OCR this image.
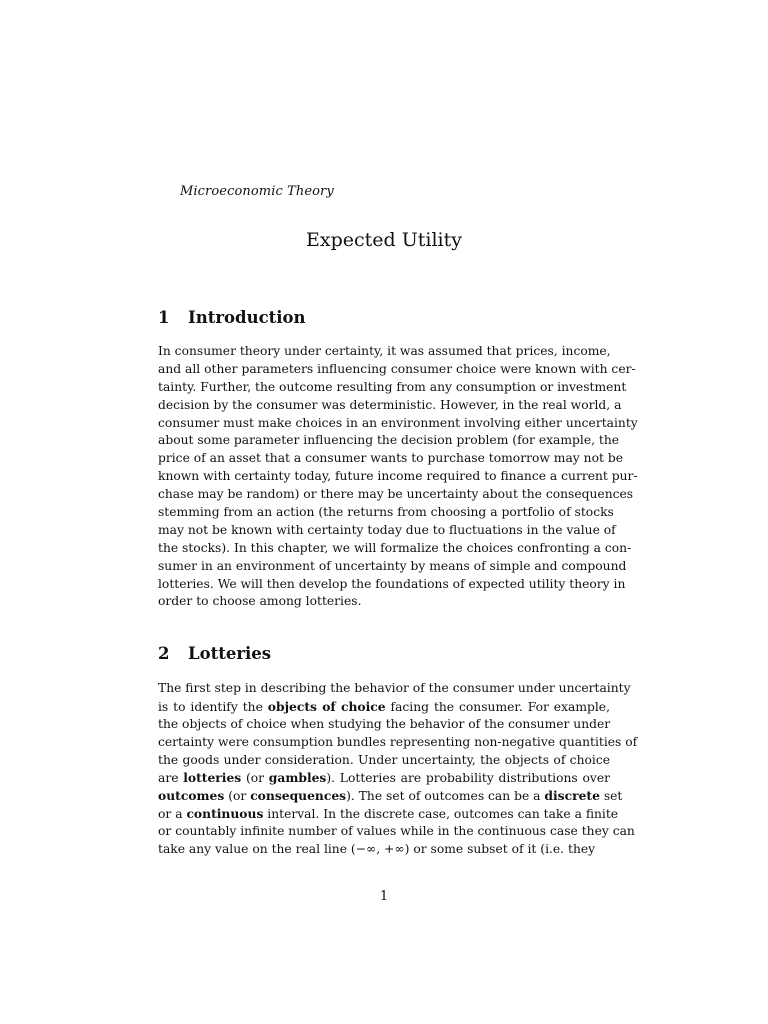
Microeconomic Theory
Expected Utility
1 Introduction
In consumer theory under certainty, it was assumed that prices, income,
and all other parameters influencing consumer choice were known with cer-
tainty. Further, the outcome resulting from any consumption or investment
decision by the consumer was deterministic. However, in the real world, a
consumer must make choices in an environment involving either uncertainty
about some parameter influencing the decision problem (for example, the
price of an asset that a consumer wants to purchase tomorrow may not be
known with certainty today, future income required to finance a current pur-
chase may be random) or there may be uncertainty about the consequences
stemming from an action (the returns from choosing a portfolio of stocks
may not be known with certainty today due to fluctuations in the value of
the stocks). In this chapter, we will formalize the choices confronting a con-
sumer in an environment of uncertainty by means of simple and compound
lotteries. We will then develop the foundations of expected utility theory in
order to choose among lotteries.
2 Lotteries
The first step in describing the behavior of the consumer under uncertainty
is to identify the objects of choice facing the consumer. For example,
the objects of choice when studying the behavior of the consumer under
certainty were consumption bundles representing non-negative quantities of
the goods under consideration. Under uncertainty, the objects of choice
are lotteries (or gambles). Lotteries are probability distributions over
outcomes (or consequences). The set of outcomes can be a discrete set
or a continuous interval. In the discrete case, outcomes can take a finite
or countably infinite number of values while in the continuous case they can
take any value on the real line (−∞, +∞) or some subset of it (i.e. they
1
